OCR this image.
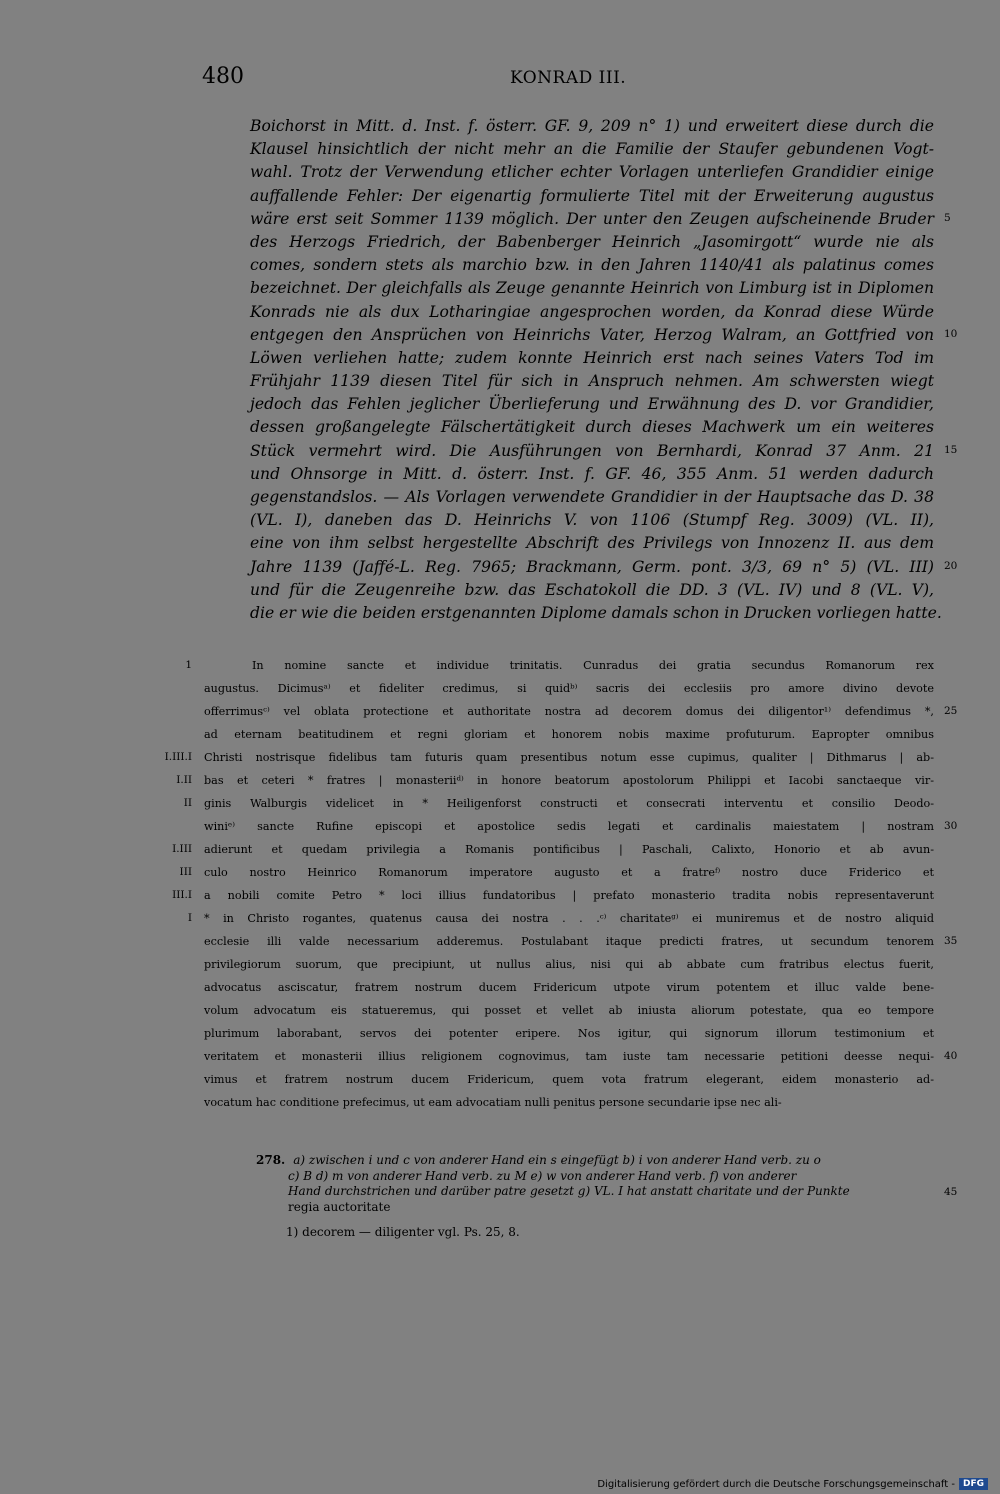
480	KONRAD III.
Boichorst in Mitt. d. Inst. f. österr. GF. 9, 209 n° 1) und erweitert diese durch die
Klausel hinsichtlich der nicht mehr an die Familie der Staufer gebundenen Vogt-
wahl. Trotz der Verwendung etlicher echter Vorlagen unterliefen Grandidier einige
auffallende Fehler: Der eigenartig formulierte Titel mit der Erweiterung augustus
wäre erst seit Sommer 1139 möglich. Der unter den Zeugen aufscheinende Bruder
des Herzogs Friedrich, der Babenberger Heinrich „Jasomirgott“ wurde nie als
comes, sondern stets als marchio bzw. in den Jahren 1140/41 als palatinus comes
bezeichnet. Der gleichfalls als Zeuge genannte Heinrich von Limburg ist in Diplomen
Konrads nie als dux Lotharingiae angesprochen worden, da Konrad diese Würde
entgegen den Ansprüchen von Heinrichs Vater, Herzog Walram, an Gottfried von
Löwen verliehen hatte; zudem konnte Heinrich erst nach seines Vaters Tod im
Frühjahr 1139 diesen Titel für sich in Anspruch nehmen. Am schwersten wiegt
jedoch das Fehlen jeglicher Überlieferung und Erwähnung des D. vor Grandidier,
dessen großangelegte Fälschertätigkeit durch dieses Machwerk um ein weiteres
Stück vermehrt wird. Die Ausführungen von Bernhardi, Konrad 37 Anm. 21
und Ohnsorge in Mitt. d. österr. Inst. f. GF. 46, 355 Anm. 51 werden dadurch
gegenstandslos. — Als Vorlagen verwendete Grandidier in der Hauptsache das D. 38
(VL. I), daneben das D. Heinrichs V. von 1106 (Stumpf Reg. 3009) (VL. II),
eine von ihm selbst hergestellte Abschrift des Privilegs von Innozenz II. aus dem
Jahre 1139 (Jaffé-L. Reg. 7965; Brackmann, Germ. pont. 3/3, 69 n° 5) (VL. III)
und für die Zeugenreihe bzw. das Eschatokoll die DD. 3 (VL. IV) und 8 (VL. V),
die er wie die beiden erstgenannten Diplome damals schon in Drucken vorliegen hatte.
5
10
15
20
In nomine sancte et individue trinitatis. Cunradus dei gratia secundus Romanorum rex
augustus. Dicimusᵃ⁾ et fideliter credimus, si quidᵇ⁾ sacris dei ecclesiis pro amore divino devote
offerrimusᶜ⁾ vel oblata protectione et authoritate nostra ad decorem domus dei diligentor¹⁾ defendimus *,
ad eternam beatitudinem et regni gloriam et honorem nobis maxime profuturum. Eapropter omnibus
Christi nostrisque fidelibus tam futuris quam presentibus notum esse cupimus, qualiter | Dithmarus | ab-
bas et ceteri * fratres | monasteriiᵈ⁾ in honore beatorum apostolorum Philippi et Iacobi sanctaeque vir-
ginis Walburgis videlicet in * Heiligenforst constructi et consecrati interventu et consilio Deodo-
winiᵉ⁾ sancte Rufine episcopi et apostolice sedis legati et cardinalis maiestatem | nostram
adierunt et quedam privilegia a Romanis pontificibus | Paschali, Calixto, Honorio et ab avun-
culo nostro Heinrico Romanorum imperatore augusto et a fratreᶠ⁾ nostro duce Friderico et
a nobili comite Petro * loci illius fundatoribus | prefato monasterio tradita nobis representaverunt
* in Christo rogantes, quatenus causa dei nostra . . .ᶜ⁾ charitateᵍ⁾ ei muniremus et de nostro aliquid
ecclesie illi valde necessarium adderemus. Postulabant itaque predicti fratres, ut secundum tenorem
privilegiorum suorum, que precipiunt, ut nullus alius, nisi qui ab abbate cum fratribus electus fuerit,
advocatus asciscatur, fratrem nostrum ducem Fridericum utpote virum potentem et illuc valde bene-
volum advocatum eis statueremus, qui posset et vellet ab iniusta aliorum potestate, qua eo tempore
plurimum laborabant, servos dei potenter eripere. Nos igitur, qui signorum illorum testimonium et
veritatem et monasterii illius religionem cognovimus, tam iuste tam necessarie petitioni deesse nequi-
vimus et fratrem nostrum ducem Fridericum, quem vota fratrum elegerant, eidem monasterio ad-
vocatum hac conditione prefecimus, ut eam advocatiam nulli penitus persone secundarie ipse nec ali-
1
I.III.I
I.II
II
I.III
III
III.I
I
25
30
35
40
278. a) zwischen i und c von anderer Hand ein s eingefügt b) i von anderer Hand verb. zu o
c) B d) m von anderer Hand verb. zu M e) w von anderer Hand verb. f) von anderer
Hand durchstrichen und darüber patre gesetzt g) VL. I hat anstatt charitate und der Punkte
regia auctoritate
1) decorem — diligenter vgl. Ps. 25, 8.
45
Digitalisierung gefördert durch die Deutsche Forschungsgemeinschaft - DFG
